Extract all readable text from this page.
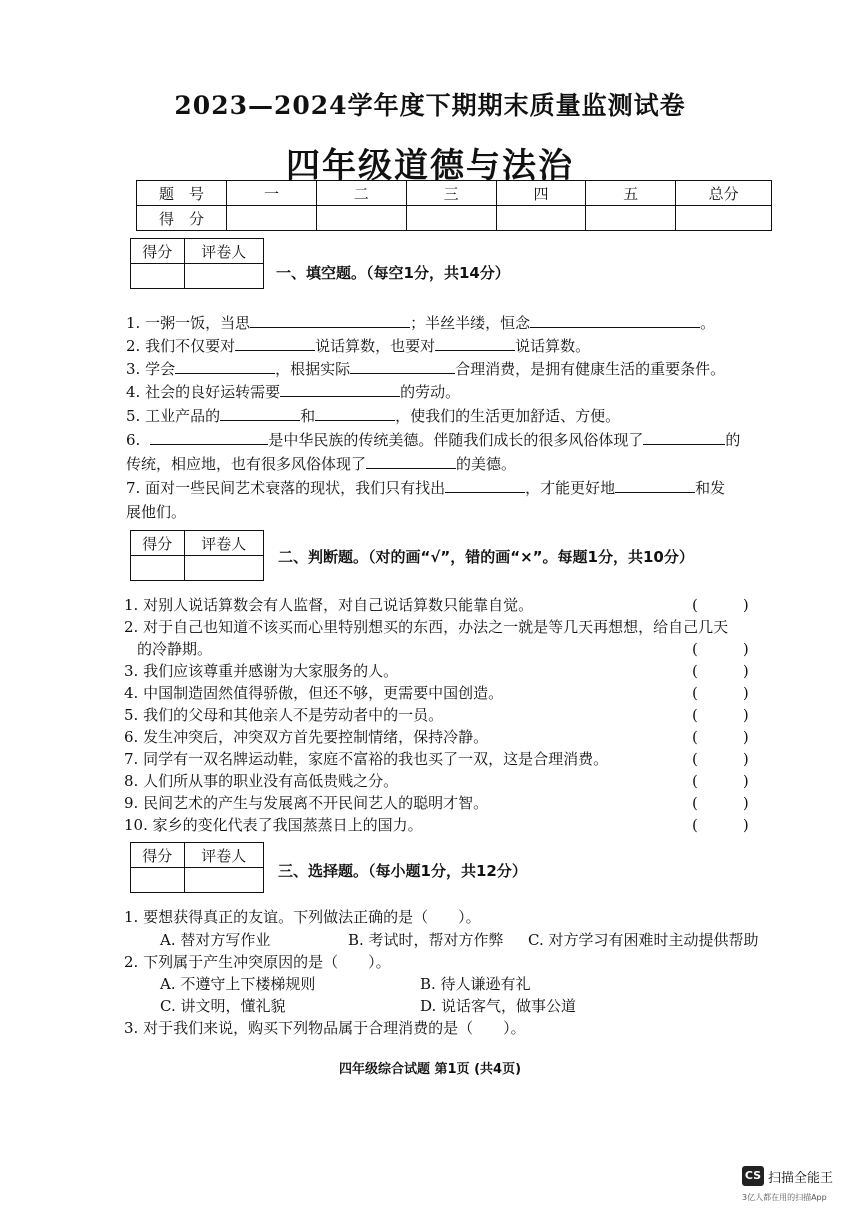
2023—2024学年度下期期末质量监测试卷
四年级道德与法治
题　号	一	二	三	四	五	总分
得　分						
得分	评卷人

一、填空题。（每空1分，共14分）
1. 一粥一饭，当思	；半丝半缕，恒念	。
2. 我们不仅要对	说话算数，也要对	说话算数。
3. 学会	，根据实际	合理消费，是拥有健康生活的重要条件。
4. 社会的良好运转需要	的劳动。
5. 工业产品的	和	，使我们的生活更加舒适、方便。
6.	是中华民族的传统美德。伴随我们成长的很多风俗体现了	的
传统，相应地，也有很多风俗体现了	的美德。
7. 面对一些民间艺术衰落的现状，我们只有找出	，才能更好地	和发
展他们。
得分	评卷人

二、判断题。（对的画“√”，错的画“×”。每题1分，共10分）
1. 对别人说话算数会有人监督，对自己说话算数只能靠自觉。	(　　　)
2. 对于自己也知道不该买而心里特别想买的东西，办法之一就是等几天再想想，给自己几天
的冷静期。	(　　　)
3. 我们应该尊重并感谢为大家服务的人。	(　　　)
4. 中国制造固然值得骄傲，但还不够，更需要中国创造。	(　　　)
5. 我们的父母和其他亲人不是劳动者中的一员。	(　　　)
6. 发生冲突后，冲突双方首先要控制情绪，保持冷静。	(　　　)
7. 同学有一双名牌运动鞋，家庭不富裕的我也买了一双，这是合理消费。	(　　　)
8. 人们所从事的职业没有高低贵贱之分。	(　　　)
9. 民间艺术的产生与发展离不开民间艺人的聪明才智。	(　　　)
10. 家乡的变化代表了我国蒸蒸日上的国力。	(　　　)
得分	评卷人

三、选择题。（每小题1分，共12分）
1. 要想获得真正的友谊。下列做法正确的是（　　）。
A. 替对方写作业	B. 考试时，帮对方作弊 C. 对方学习有困难时主动提供帮助
2. 下列属于产生冲突原因的是（　　）。
A. 不遵守上下楼梯规则	B. 待人谦逊有礼
C. 讲文明，懂礼貌	D. 说话客气，做事公道
3. 对于我们来说，购买下列物品属于合理消费的是（　　）。
四年级综合试题 第1页 (共4页)
CS 扫描全能王
3亿人都在用的扫描App
